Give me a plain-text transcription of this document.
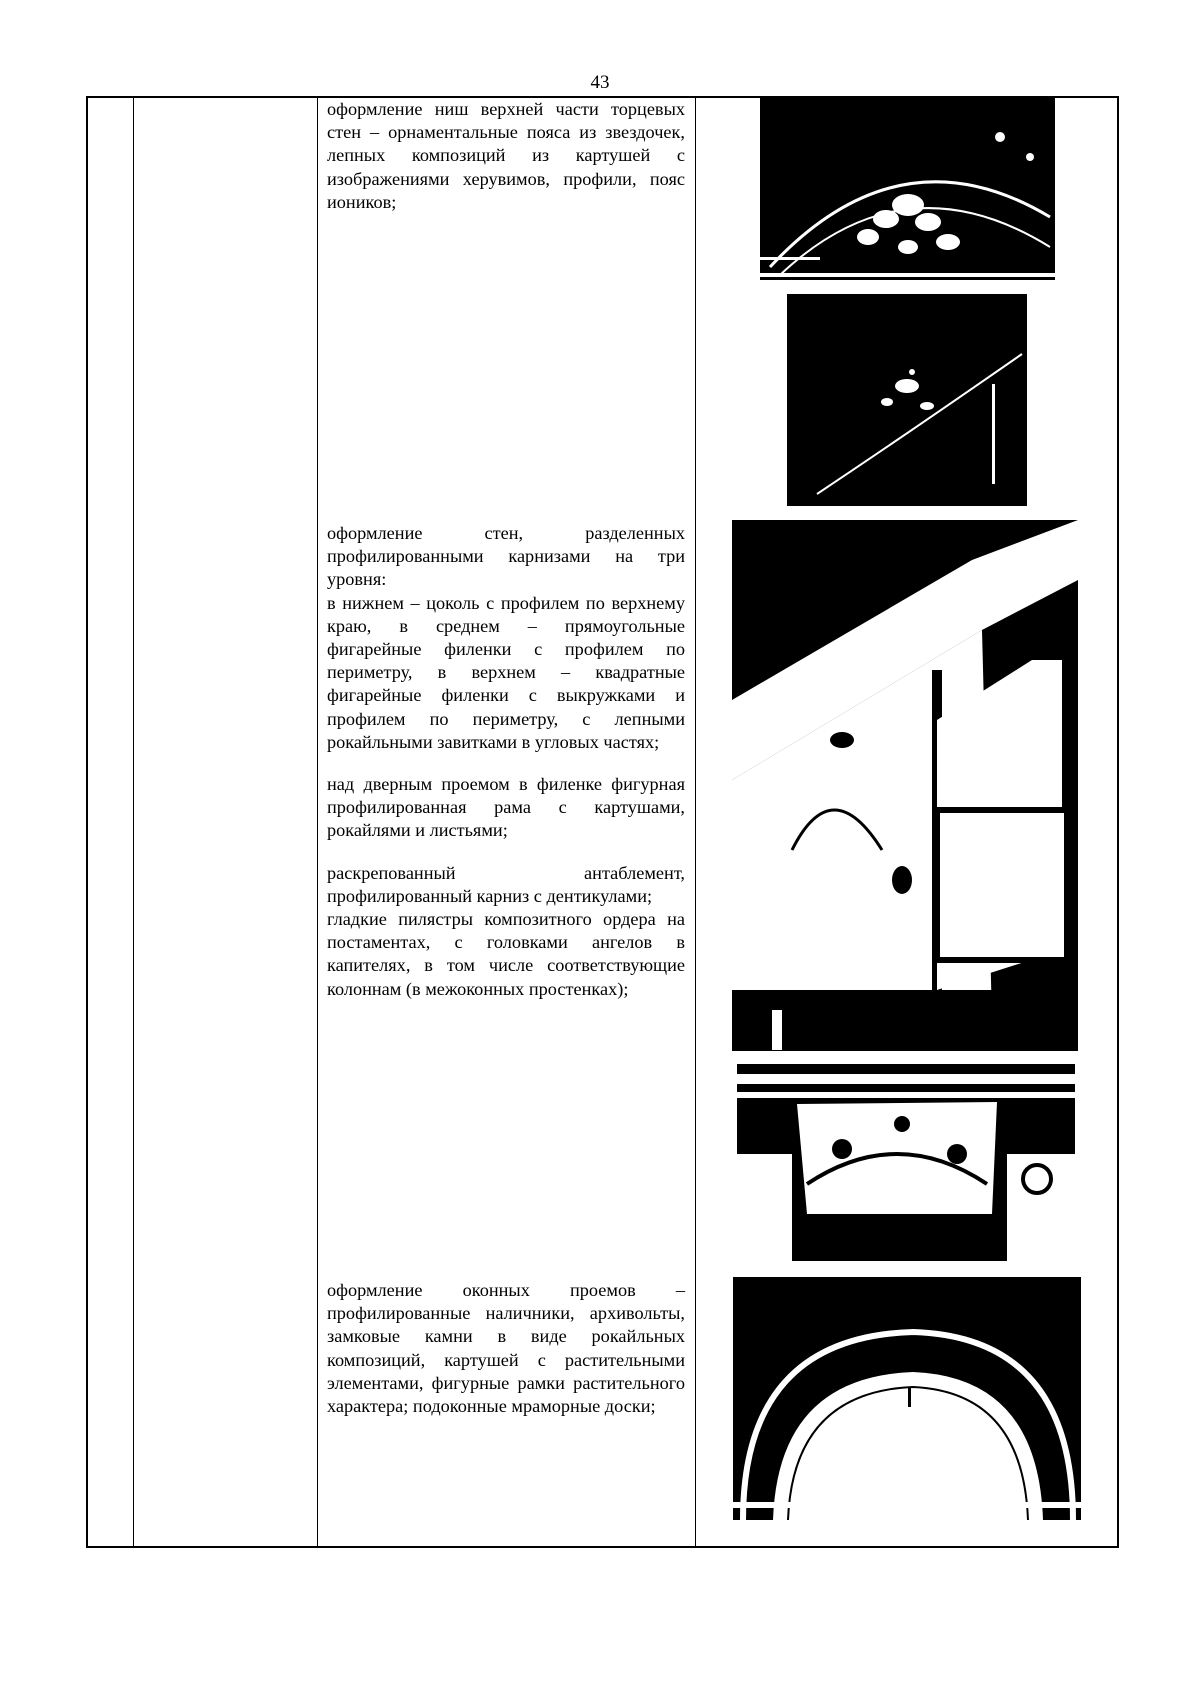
43

оформление ниш верхней части торцевых стен – орнаментальные пояса из звездочек, лепных композиций из картушей с изображениями херувимов, профили, пояс иоников;

оформление стен, разделенных профилированными карнизами на три уровня:

в нижнем – цоколь с профилем по верхнему краю, в среднем – прямоугольные фигарейные филенки с профилем по периметру, в верхнем – квадратные фигарейные филенки с выкружками и профилем по периметру, с лепными рокайльными завитками в угловых частях;

над дверным проемом в филенке фигурная профилированная рама с картушами, рокайлями и листьями;

раскрепованный антаблемент, профилированный карниз с дентикулами;

гладкие пилястры композитного ордера на постаментах, с головками ангелов в капителях, в том числе соответствующие колоннам (в межоконных простенках);

оформление оконных проемов – профилированные наличники, архивольты, замковые камни в виде рокайльных композиций, картушей с растительными элементами, фигурные рамки растительного характера; подоконные мраморные доски;
